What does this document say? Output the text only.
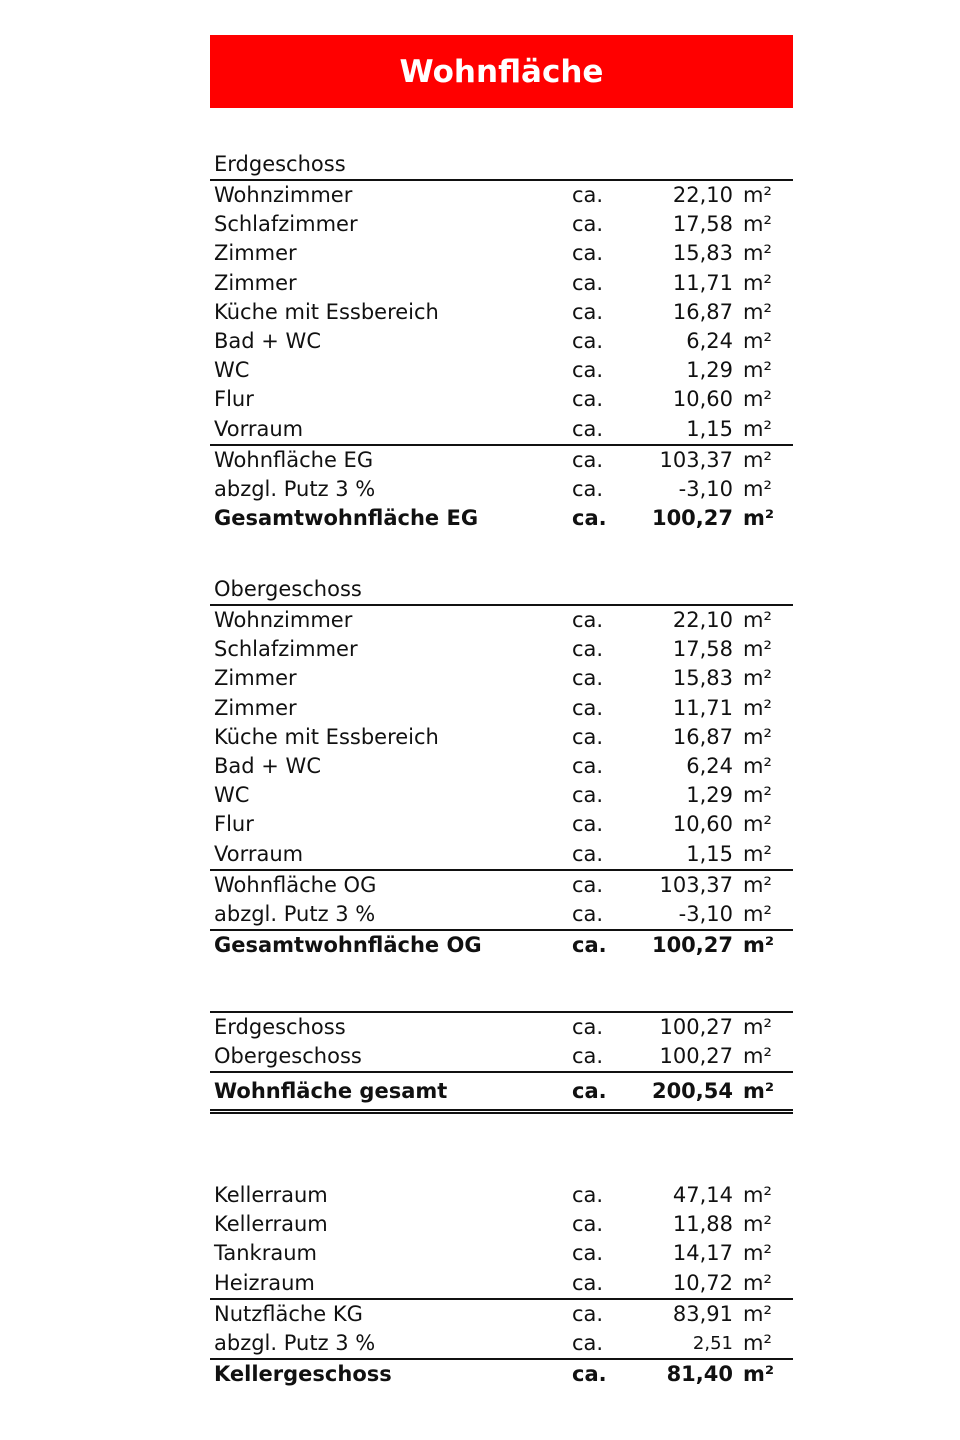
Wohnfläche
Erdgeschoss
Wohnzimmer	ca.	22,10 m²
Schlafzimmer	ca.	17,58 m²
Zimmer	ca.	15,83 m²
Zimmer	ca.	11,71 m²
Küche mit Essbereich	ca.	16,87 m²
Bad + WC	ca.	6,24 m²
WC	ca.	1,29 m²
Flur	ca.	10,60 m²
Vorraum	ca.	1,15 m²
Wohnfläche EG	ca.	103,37 m²
abzgl. Putz 3 %	ca.	-3,10 m²
Gesamtwohnfläche EG	ca. 100,27 m²
Obergeschoss
Wohnzimmer	ca.	22,10 m²
Schlafzimmer	ca.	17,58 m²
Zimmer	ca.	15,83 m²
Zimmer	ca.	11,71 m²
Küche mit Essbereich	ca.	16,87 m²
Bad + WC	ca.	6,24 m²
WC	ca.	1,29 m²
Flur	ca.	10,60 m²
Vorraum	ca.	1,15 m²
Wohnfläche OG	ca.	103,37 m²
abzgl. Putz 3 %	ca.	-3,10 m²
Gesamtwohnfläche OG	ca. 100,27 m²
Erdgeschoss	ca.	100,27 m²
Obergeschoss	ca.	100,27 m²
Wohnfläche gesamt	ca. 200,54 m²
Kellerraum	ca.	47,14 m²
Kellerraum	ca.	11,88 m²
Tankraum	ca.	14,17 m²
Heizraum	ca.	10,72 m²
Nutzfläche KG	ca.	83,91 m²
abzgl. Putz 3 %	ca.	2,51 m²
Kellergeschoss	ca.	81,40 m²
